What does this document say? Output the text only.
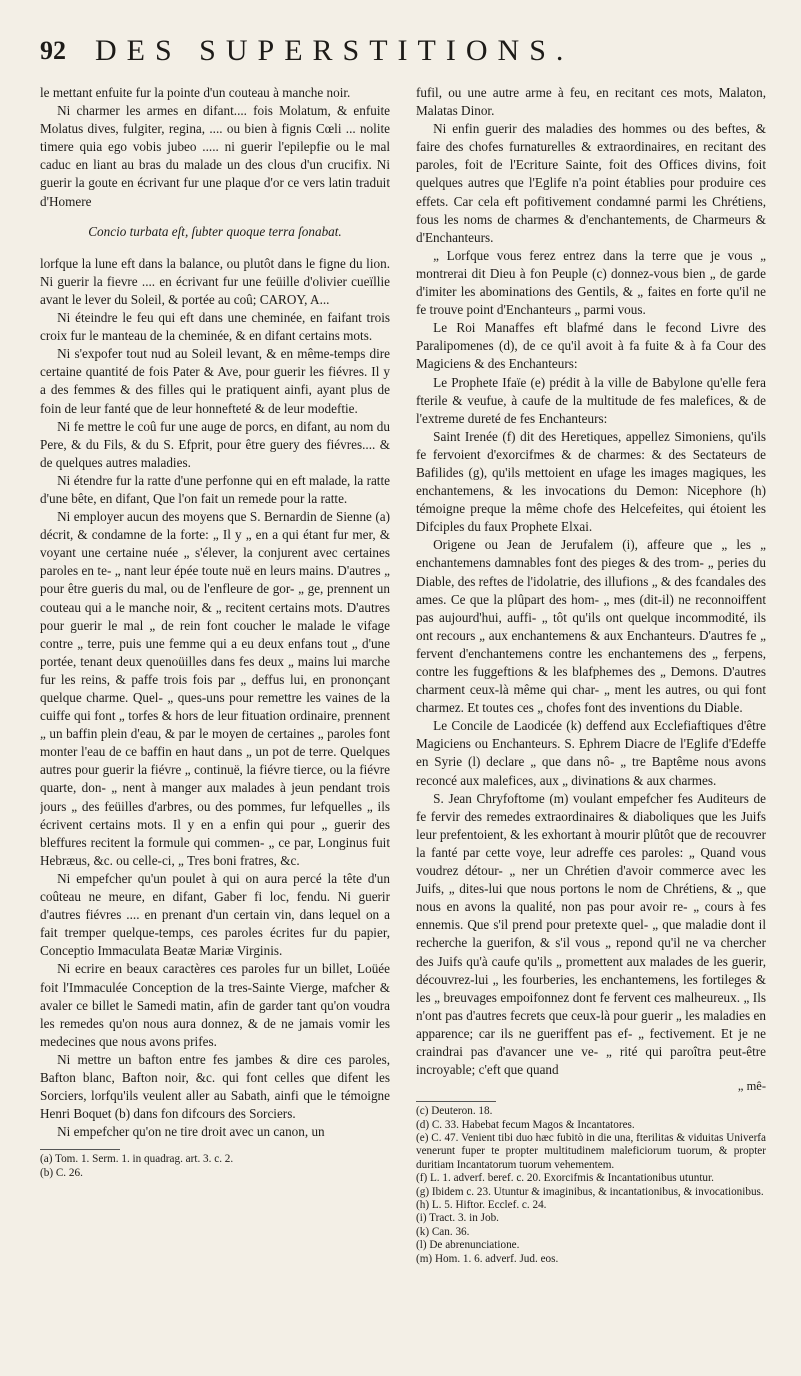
92 DES SUPERSTITIONS.

le mettant enfuite fur la pointe d'un couteau à manche noir.

Ni charmer les armes en difant.... fois Molatum, & enfuite Molatus dives, fulgiter, regina, .... ou bien à fignis Cœli ... nolite timere quia ego vobis jubeo ..... ni guerir l'epilepfie ou le mal caduc en liant au bras du malade un des clous d'un crucifix. Ni guerir la goute en écrivant fur une plaque d'or ce vers latin traduit d'Homere

Concio turbata eſt, ſubter quoque terra ſonabat.

lorfque la lune eft dans la balance, ou plutôt dans le figne du lion. Ni guerir la fievre .... en écrivant fur une feüille d'olivier cueïllie avant le lever du Soleil, & portée au coû; CAROY, A...

Ni éteindre le feu qui eft dans une cheminée, en faifant trois croix fur le manteau de la cheminée, & en difant certains mots.

Ni s'expofer tout nud au Soleil levant, & en même-temps dire certaine quantité de fois Pater & Ave, pour guerir les fiévres. Il y a des femmes & des filles qui le pratiquent ainfi, ayant plus de foin de leur fanté que de leur honnefteté & de leur modeftie.

Ni fe mettre le coû fur une auge de porcs, en difant, au nom du Pere, & du Fils, & du S. Efprit, pour être guery des fiévres.... & de quelques autres maladies.

Ni étendre fur la ratte d'une perfonne qui en eft malade, la ratte d'une bête, en difant, Que l'on fait un remede pour la ratte.

Ni employer aucun des moyens que S. Bernardin de Sienne (a) décrit, & condamne de la forte: „ Il y „ en a qui étant fur mer, & voyant une certaine nuée „ s'élever, la conjurent avec certaines paroles en te- „ nant leur épée toute nuë en leurs mains. D'autres „ pour être gueris du mal, ou de l'enfleure de gor- „ ge, prennent un couteau qui a le manche noir, & „ recitent certains mots. D'autres pour guerir le mal „ de rein font coucher le malade le vifage contre „ terre, puis une femme qui a eu deux enfans tout „ d'une portée, tenant deux quenoüilles dans fes deux „ mains lui marche fur les reins, & paffe trois fois par „ deffus lui, en prononçant quelque charme. Quel- „ ques-uns pour remettre les vaines de la cuiffe qui font „ torfes & hors de leur fituation ordinaire, prennent „ un baffin plein d'eau, & par le moyen de certaines „ paroles font monter l'eau de ce baffin en haut dans „ un pot de terre. Quelques autres pour guerir la fiévre „ continuë, la fiévre tierce, ou la fiévre quarte, don- „ nent à manger aux malades à jeun pendant trois jours „ des feüilles d'arbres, ou des pommes, fur lefquelles „ ils écrivent certains mots. Il y en a enfin qui pour „ guerir des bleffures recitent la formule qui commen- „ ce par, Longinus fuit Hebræus, &c. ou celle-ci, „ Tres boni fratres, &c.

Ni empefcher qu'un poulet à qui on aura percé la tête d'un coûteau ne meure, en difant, Gaber fi loc, fendu. Ni guerir d'autres fiévres .... en prenant d'un certain vin, dans lequel on a fait tremper quelque-temps, ces paroles écrites fur du papier, Conceptio Immaculata Beatæ Mariæ Virginis.

Ni ecrire en beaux caractères ces paroles fur un billet, Loüée foit l'Immaculée Conception de la tres-Sainte Vierge, mafcher & avaler ce billet le Samedi matin, afin de garder tant qu'on voudra les remedes qu'on nous aura donnez, & de ne jamais vomir les medecines que nous avons prifes.

Ni mettre un bafton entre fes jambes & dire ces paroles, Bafton blanc, Bafton noir, &c. qui font celles que difent les Sorciers, lorfqu'ils veulent aller au Sabath, ainfi que le témoigne Henri Boquet (b) dans fon difcours des Sorciers.

Ni empefcher qu'on ne tire droit avec un canon, un

(a) Tom. 1. Serm. 1. in quadrag. art. 3. c. 2.

(b) C. 26.

fufil, ou une autre arme à feu, en recitant ces mots, Malaton, Malatas Dinor.

Ni enfin guerir des maladies des hommes ou des beftes, & faire des chofes furnaturelles & extraordinaires, en recitant des paroles, foit de l'Ecriture Sainte, foit des Offices divins, foit quelques autres que l'Eglife n'a point établies pour produire ces effets. Car cela eft pofitivement condamné parmi les Chrétiens, fous les noms de charmes & d'enchantements, de Charmeurs & d'Enchanteurs.

„ Lorfque vous ferez entrez dans la terre que je vous „ montrerai dit Dieu à fon Peuple (c) donnez-vous bien „ de garde d'imiter les abominations des Gentils, & „ faites en forte qu'il ne fe trouve point d'Enchanteurs „ parmi vous.

Le Roi Manaffes eft blafmé dans le fecond Livre des Paralipomenes (d), de ce qu'il avoit à fa fuite & à fa Cour des Magiciens & des Enchanteurs:

Le Prophete Ifaïe (e) prédit à la ville de Babylone qu'elle fera fterile & veufue, à caufe de la multitude de fes malefices, & de l'extreme dureté de fes Enchanteurs:

Saint Irenée (f) dit des Heretiques, appellez Simoniens, qu'ils fe fervoient d'exorcifmes & de charmes: & des Sectateurs de Bafilides (g), qu'ils mettoient en ufage les images magiques, les enchantemens, & les invocations du Demon: Nicephore (h) témoigne preque la même chofe des Helcefeites, qui étoient les Difciples du faux Prophete Elxai.

Origene ou Jean de Jerufalem (i), affeure que „ les „ enchantemens damnables font des pieges & des trom- „ peries du Diable, des reftes de l'idolatrie, des illufions „ & des fcandales des ames. Ce que la plûpart des hom- „ mes (dit-il) ne reconnoiffent pas aujourd'hui, auffi- „ tôt qu'ils ont quelque incommodité, ils ont recours „ aux enchantemens & aux Enchanteurs. D'autres fe „ fervent d'enchantemens contre les enchantemens des „ ferpens, contre les fuggeftions & les blafphemes des „ Demons. D'autres charment ceux-là même qui char- „ ment les autres, ou qui font charmez. Et toutes ces „ chofes font des inventions du Diable.

Le Concile de Laodicée (k) deffend aux Ecclefiaftiques d'être Magiciens ou Enchanteurs. S. Ephrem Diacre de l'Eglife d'Edeffe en Syrie (l) declare „ que dans nô- „ tre Baptême nous avons reconcé aux malefices, aux „ divinations & aux charmes.

S. Jean Chryfoftome (m) voulant empefcher fes Auditeurs de fe fervir des remedes extraordinaires & diaboliques que les Juifs leur prefentoient, & les exhortant à mourir plûtôt que de recouvrer la fanté par cette voye, leur adreffe ces paroles: „ Quand vous voudrez détour- „ ner un Chrétien d'avoir commerce avec les Juifs, „ dites-lui que nous portons le nom de Chrétiens, & „ que nous en avons la qualité, non pas pour avoir re- „ cours à fes ennemis. Que s'il prend pour pretexte quel- „ que maladie dont il recherche la guerifon, & s'il vous „ repond qu'il ne va chercher des Juifs qu'à caufe qu'ils „ promettent aux malades de les guerir, découvrez-lui „ les fourberies, les enchantemens, les fortileges & les „ breuvages empoifonnez dont fe fervent ces malheureux. „ Ils n'ont pas d'autres fecrets que ceux-là pour guerir „ les maladies en apparence; car ils ne gueriffent pas ef- „ fectivement. Et je ne craindrai pas d'avancer une ve- „ rité qui paroîtra peut-être incroyable; c'eft que quand

„ mê-

(c) Deuteron. 18.

(d) C. 33. Habebat fecum Magos & Incantatores.

(e) C. 47. Venient tibi duo hæc fubitò in die una, fterilitas & viduitas Univerfa venerunt fuper te propter multitudinem maleficiorum tuorum, & propter duritiam Incantatorum tuorum vehementem.

(f) L. 1. adverf. beref. c. 20. Exorcifmis & Incantationibus utuntur.

(g) Ibidem c. 23. Utuntur & imaginibus, & incantationibus, & invocationibus.

(h) L. 5. Hiftor. Ecclef. c. 24.

(i) Tract. 3. in Job.

(k) Can. 36.

(l) De abrenunciatione.

(m) Hom. 1. 6. adverf. Jud. eos.
